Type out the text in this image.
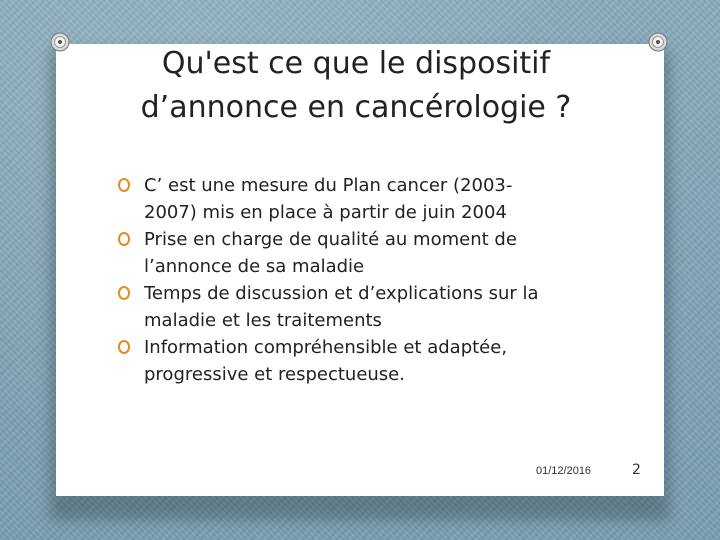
Qu'est ce que le dispositif
d’annonce en cancérologie ?
C’ est une mesure du Plan cancer (2003-
2007) mis en place à partir de juin 2004
Prise en charge de qualité au moment de
l’annonce de sa maladie
Temps de discussion et d’explications sur la
maladie et les traitements
Information compréhensible et adaptée,
progressive et respectueuse.
01/12/2016	2
